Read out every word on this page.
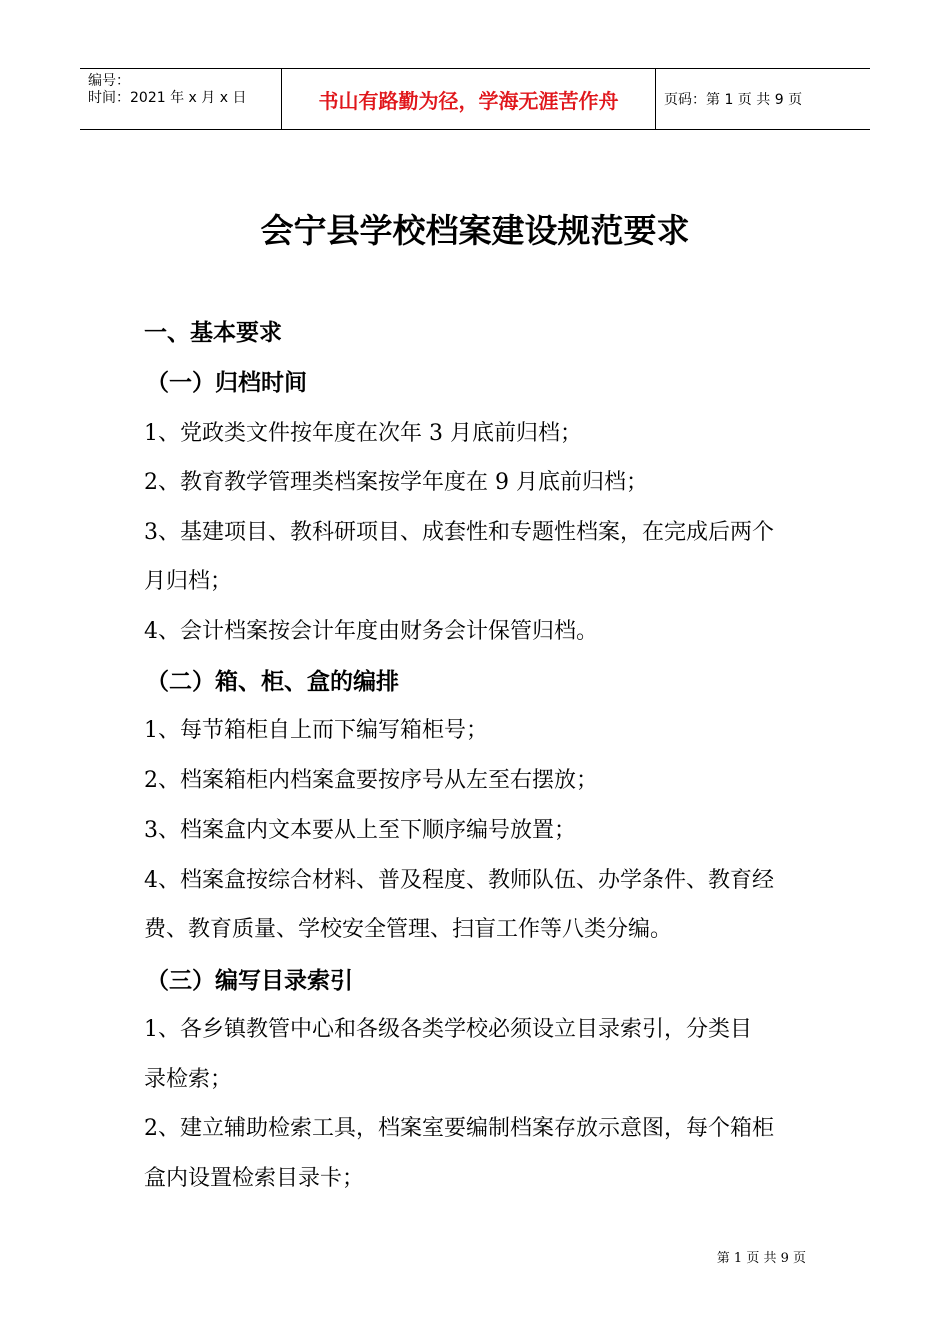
编号：
时间：2021 年 x 月 x 日	书山有路勤为径，学海无涯苦作舟	页码：第 1 页 共 9 页
会宁县学校档案建设规范要求
一、基本要求
（一）归档时间
1、党政类文件按年度在次年 3 月底前归档；
2、教育教学管理类档案按学年度在 9 月底前归档；
3、基建项目、教科研项目、成套性和专题性档案，在完成后两个
月归档；
4、会计档案按会计年度由财务会计保管归档。
（二）箱、柜、盒的编排
1、每节箱柜自上而下编写箱柜号；
2、档案箱柜内档案盒要按序号从左至右摆放；
3、档案盒内文本要从上至下顺序编号放置；
4、档案盒按综合材料、普及程度、教师队伍、办学条件、教育经
费、教育质量、学校安全管理、扫盲工作等八类分编。
（三）编写目录索引
1、各乡镇教管中心和各级各类学校必须设立目录索引，分类目
录检索；
2、建立辅助检索工具，档案室要编制档案存放示意图，每个箱柜
盒内设置检索目录卡；
第 1 页 共 9 页
